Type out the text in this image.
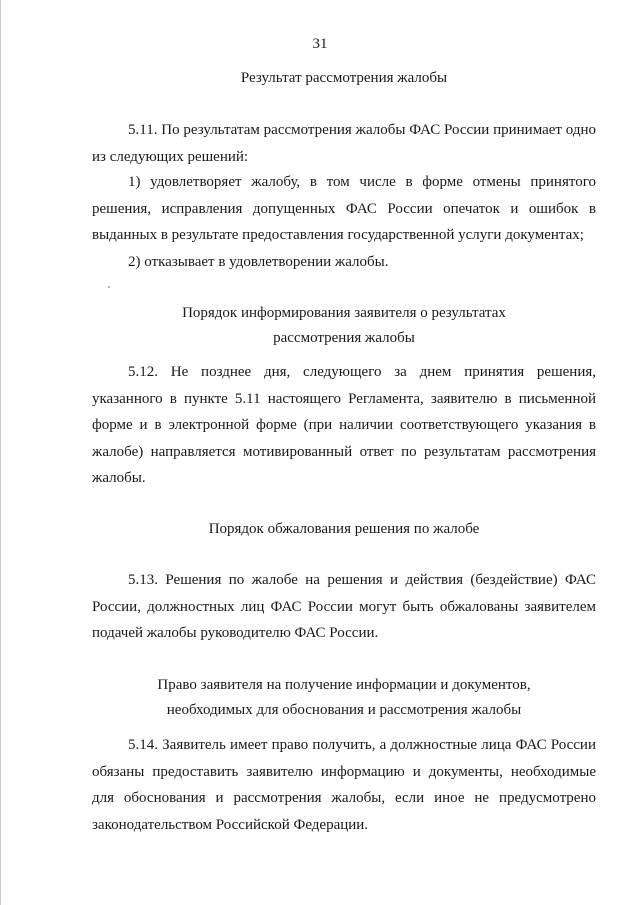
31
Результат рассмотрения жалобы

5.11. По результатам рассмотрения жалобы ФАС России принимает одно из следующих решений:

1) удовлетворяет жалобу, в том числе в форме отмены принятого решения, исправления допущенных ФАС России опечаток и ошибок в выданных в результате предоставления государственной услуги документах;

2) отказывает в удовлетворении жалобы.

Порядок информирования заявителя о результатах
рассмотрения жалобы

5.12. Не позднее дня, следующего за днем принятия решения, указанного в пункте 5.11 настоящего Регламента, заявителю в письменной форме и в электронной форме (при наличии соответствующего указания в жалобе) направляется мотивированный ответ по результатам рассмотрения жалобы.

Порядок обжалования решения по жалобе

5.13. Решения по жалобе на решения и действия (бездействие) ФАС России, должностных лиц ФАС России могут быть обжалованы заявителем подачей жалобы руководителю ФАС России.

Право заявителя на получение информации и документов,
необходимых для обоснования и рассмотрения жалобы

5.14. Заявитель имеет право получить, а должностные лица ФАС России обязаны предоставить заявителю информацию и документы, необходимые для обоснования и рассмотрения жалобы, если иное не предусмотрено законодательством Российской Федерации.
